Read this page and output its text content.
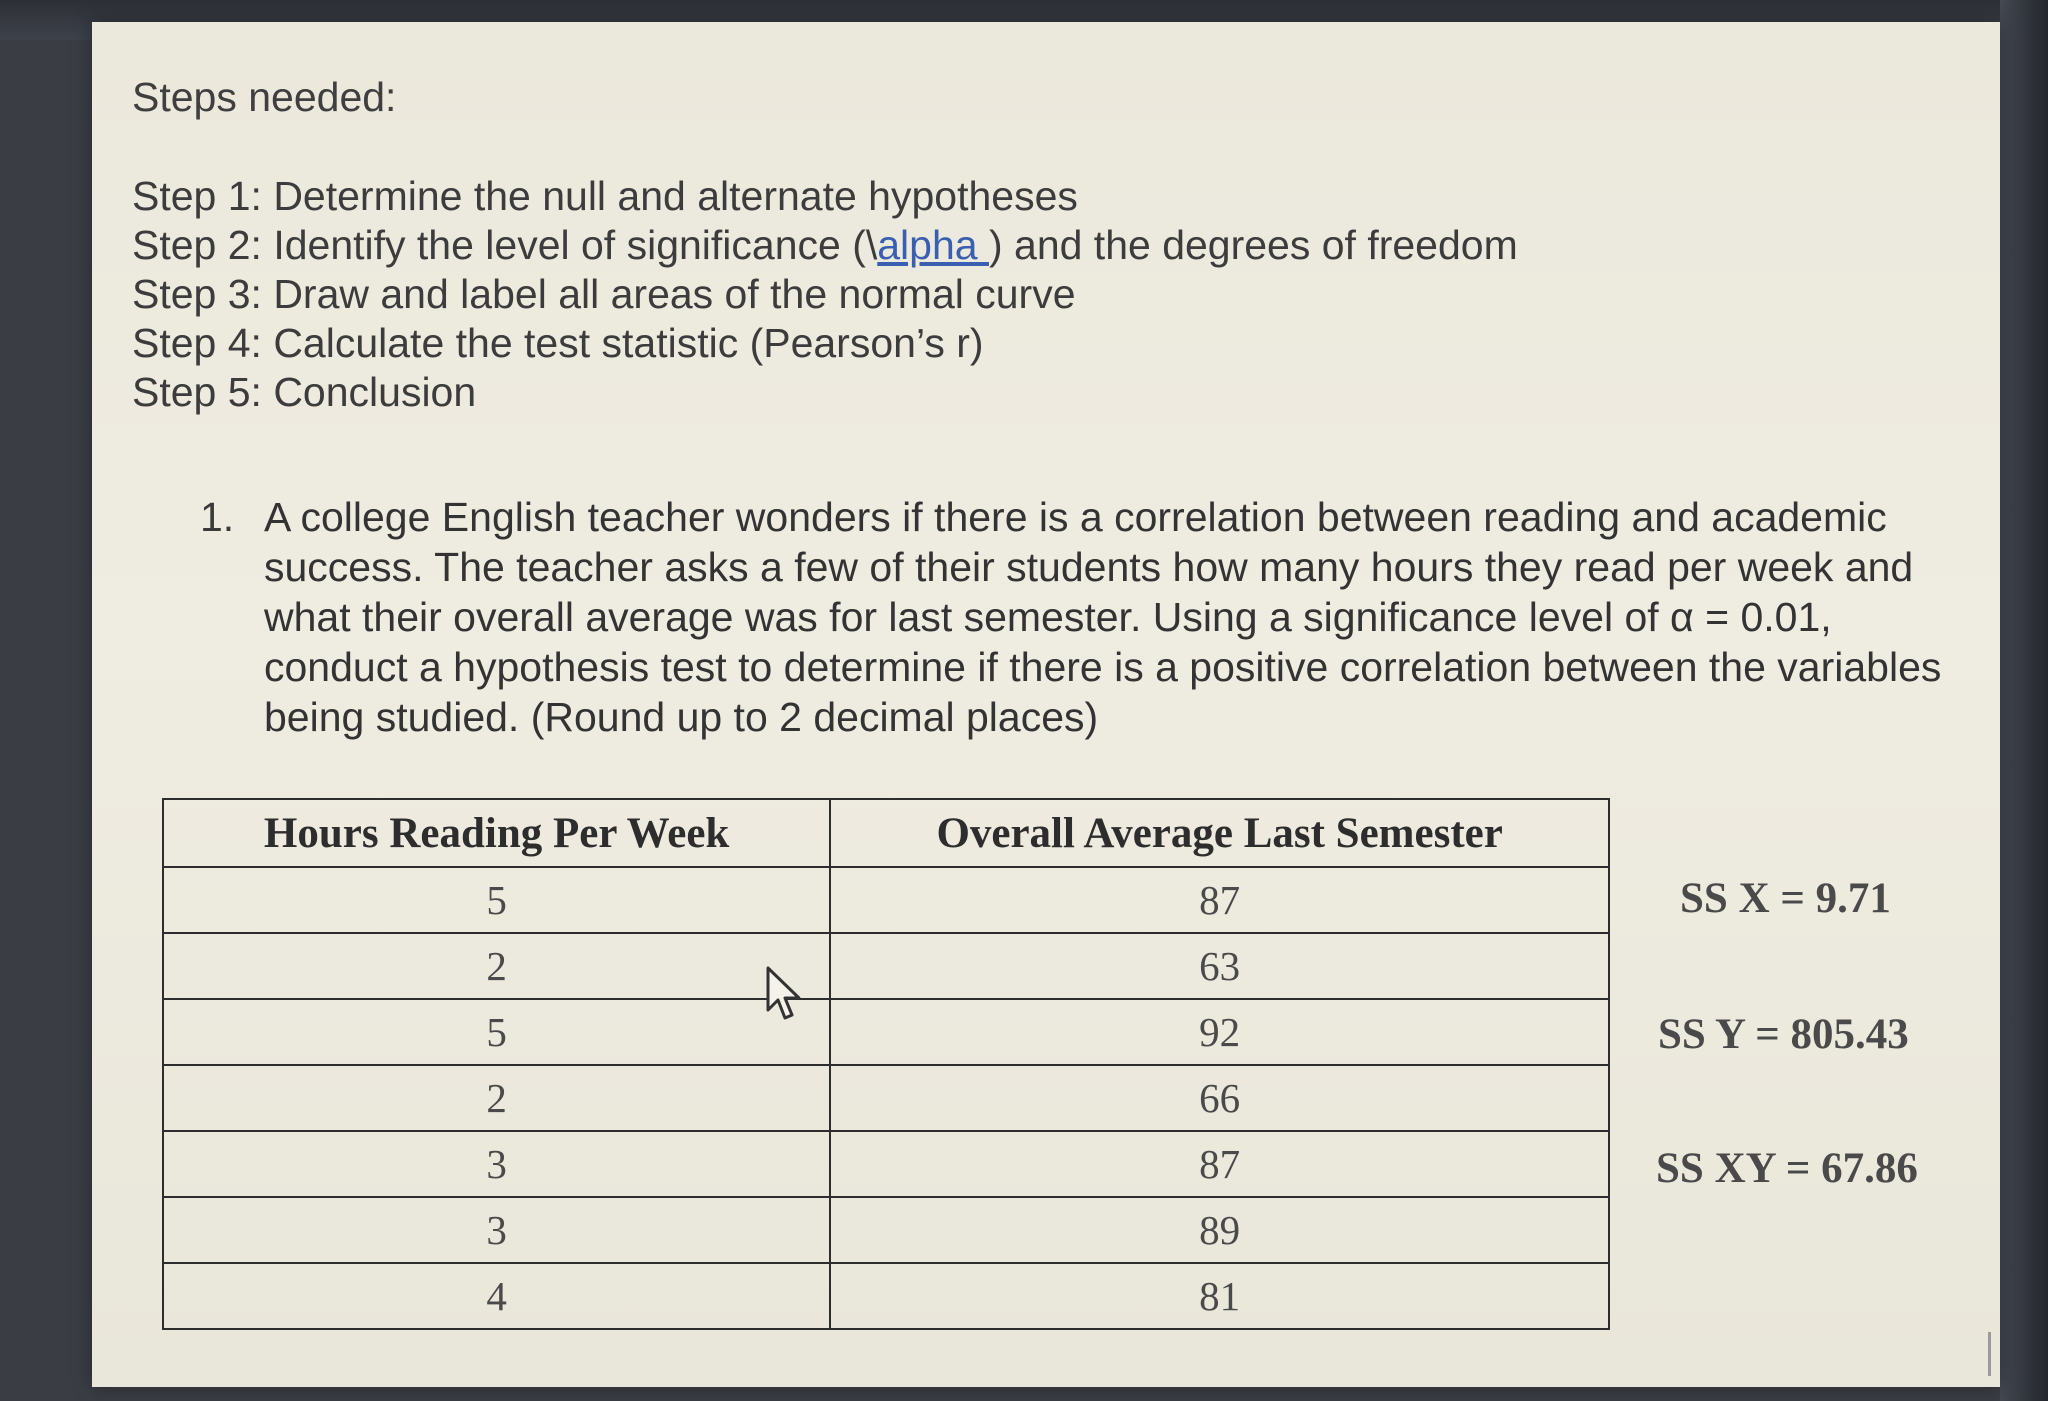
Steps needed:
Step 1: Determine the null and alternate hypotheses
Step 2: Identify the level of significance (\alpha ) and the degrees of freedom
Step 3: Draw and label all areas of the normal curve
Step 4: Calculate the test statistic (Pearson’s r)
Step 5: Conclusion
1. A college English teacher wonders if there is a correlation between reading and academic success. The teacher asks a few of their students how many hours they read per week and what their overall average was for last semester. Using a significance level of α = 0.01, conduct a hypothesis test to determine if there is a positive correlation between the variables being studied. (Round up to 2 decimal places)

Hours Reading Per Week	Overall Average Last Semester
5	87
2	63
5	92
2	66
3	87
3	89
4	81
SS X = 9.71
SS Y = 805.43
SS XY = 67.86
